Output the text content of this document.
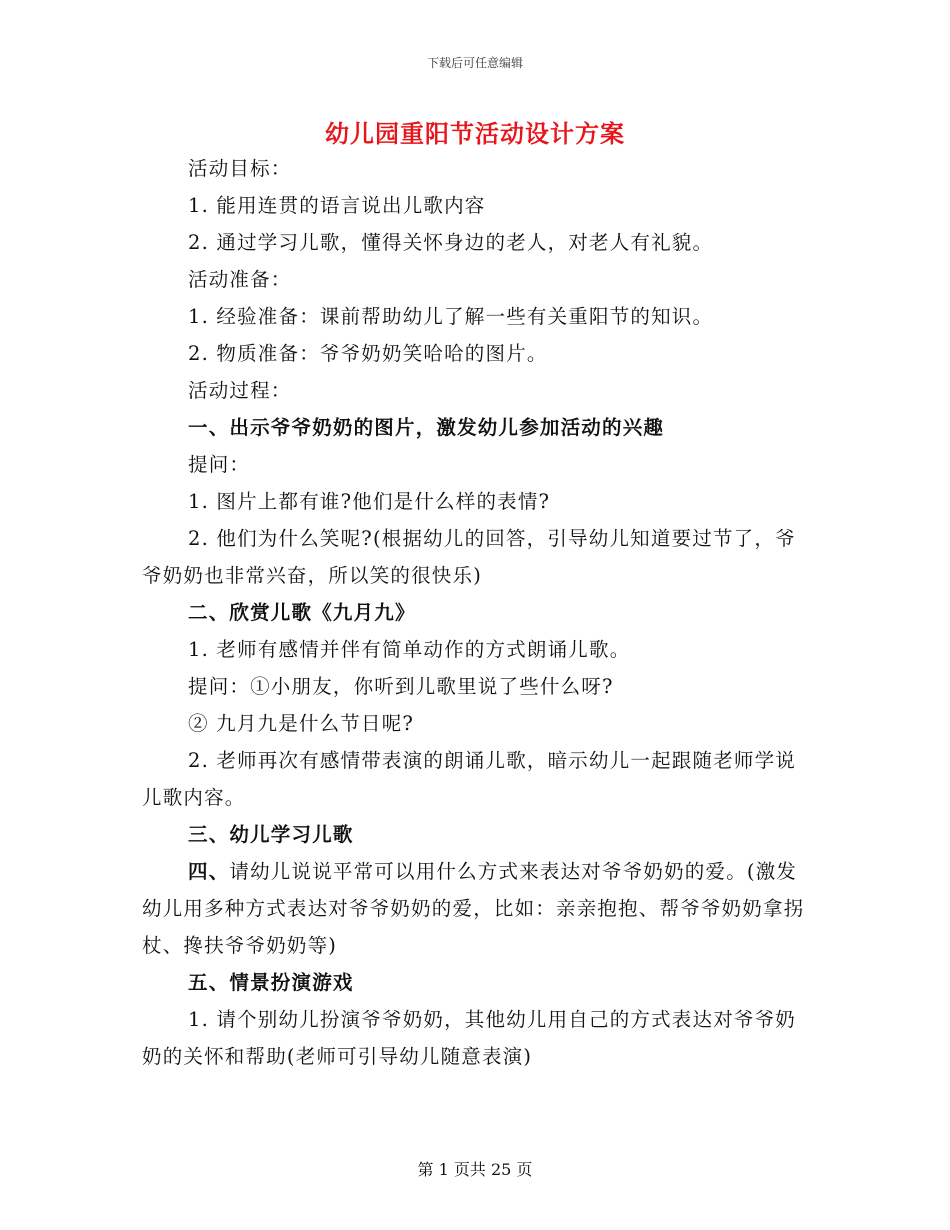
下载后可任意编辑
幼儿园重阳节活动设计方案

活动目标：

1. 能用连贯的语言说出儿歌内容

2. 通过学习儿歌，懂得关怀身边的老人，对老人有礼貌。

活动准备：

1. 经验准备：课前帮助幼儿了解一些有关重阳节的知识。

2. 物质准备：爷爷奶奶笑哈哈的图片。

活动过程：

一、出示爷爷奶奶的图片，激发幼儿参加活动的兴趣

提问：

1. 图片上都有谁?他们是什么样的表情?

2. 他们为什么笑呢?(根据幼儿的回答，引导幼儿知道要过节了，爷爷奶奶也非常兴奋，所以笑的很快乐)

二、欣赏儿歌《九月九》

1. 老师有感情并伴有简单动作的方式朗诵儿歌。

提问：①小朋友，你听到儿歌里说了些什么呀?

② 九月九是什么节日呢?

2. 老师再次有感情带表演的朗诵儿歌，暗示幼儿一起跟随老师学说儿歌内容。

三、幼儿学习儿歌

四、请幼儿说说平常可以用什么方式来表达对爷爷奶奶的爱。(激发幼儿用多种方式表达对爷爷奶奶的爱，比如：亲亲抱抱、帮爷爷奶奶拿拐杖、搀扶爷爷奶奶等)

五、情景扮演游戏

1. 请个别幼儿扮演爷爷奶奶，其他幼儿用自己的方式表达对爷爷奶奶的关怀和帮助(老师可引导幼儿随意表演)

第 1 页共 25 页
